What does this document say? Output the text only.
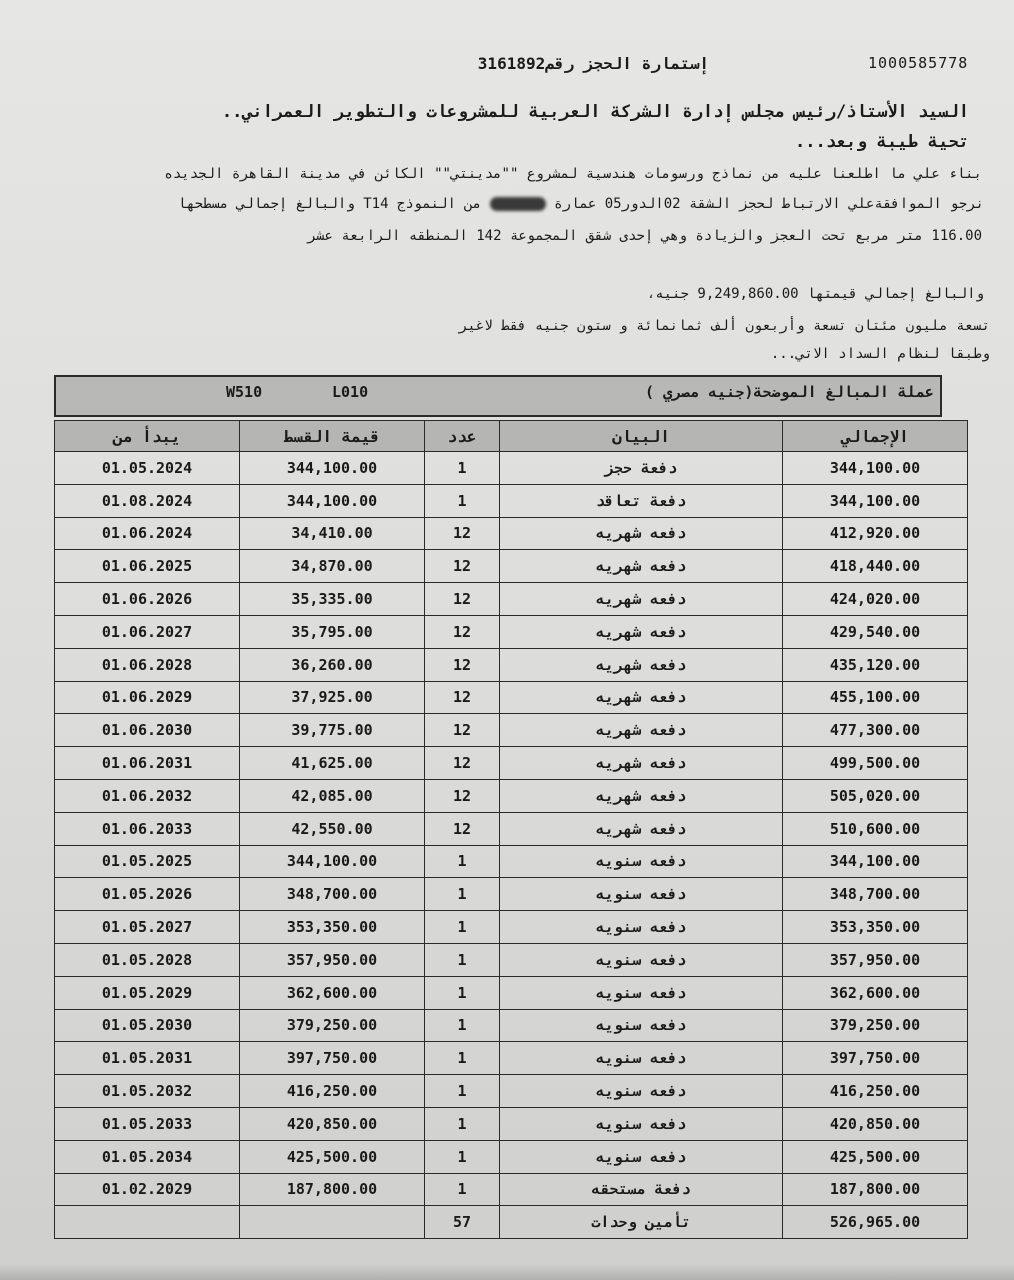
1000585778
إستمارة الحجز رقم3161892
السيد الأستاذ/رئيس مجلس إدارة الشركة العربية للمشروعات والتطوير العمراني..
تحية طيبة وبعد...
بناء علي ما اطلعنا عليه من نماذج ورسومات هندسية لمشروع ""مدينتي"" الكائن في مدينة القاهرة الجديده
نرجو الموافقةعلي الارتباط لحجز الشقة 02الدور05 عمارة  من النموذج T14 والبالغ إجمالي مسطحها
116.00 متر مربع تحت العجز والزيادة وهي إحدى شقق المجموعة 142 المنطقه الرابعة عشر
والبالغ إجمالي قيمتها 9,249,860.00 جنيه،
تسعة مليون مئتان تسعة وأربعون ألف ثمانمائة و ستون جنيه فقط لاغير
وطبقا لنظام السداد الاتي...
W510	L010	عملة المبالغ الموضحة(جنيه مصري )
يبدأ من	قيمة القسط	عدد	البيان	الإجمالي
01.05.2024	344,100.00	1	دفعة حجز	344,100.00
01.08.2024	344,100.00	1	دفعة تعاقد	344,100.00
01.06.2024	34,410.00	12	دفعه شهريه	412,920.00
01.06.2025	34,870.00	12	دفعه شهريه	418,440.00
01.06.2026	35,335.00	12	دفعه شهريه	424,020.00
01.06.2027	35,795.00	12	دفعه شهريه	429,540.00
01.06.2028	36,260.00	12	دفعه شهريه	435,120.00
01.06.2029	37,925.00	12	دفعه شهريه	455,100.00
01.06.2030	39,775.00	12	دفعه شهريه	477,300.00
01.06.2031	41,625.00	12	دفعه شهريه	499,500.00
01.06.2032	42,085.00	12	دفعه شهريه	505,020.00
01.06.2033	42,550.00	12	دفعه شهريه	510,600.00
01.05.2025	344,100.00	1	دفعه سنويه	344,100.00
01.05.2026	348,700.00	1	دفعه سنويه	348,700.00
01.05.2027	353,350.00	1	دفعه سنويه	353,350.00
01.05.2028	357,950.00	1	دفعه سنويه	357,950.00
01.05.2029	362,600.00	1	دفعه سنويه	362,600.00
01.05.2030	379,250.00	1	دفعه سنويه	379,250.00
01.05.2031	397,750.00	1	دفعه سنويه	397,750.00
01.05.2032	416,250.00	1	دفعه سنويه	416,250.00
01.05.2033	420,850.00	1	دفعه سنويه	420,850.00
01.05.2034	425,500.00	1	دفعه سنويه	425,500.00
01.02.2029	187,800.00	1	دفعة مستحقه	187,800.00
		57	تأمين وحدات	526,965.00
